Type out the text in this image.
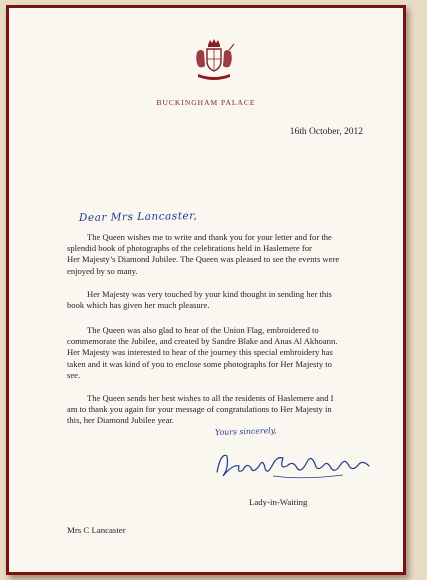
BUCKINGHAM PALACE
16th October, 2012
Dear Mrs Lancaster,
The Queen wishes me to write and thank you for your letter and for the
splendid book of photographs of the celebrations held in Haslemere for
Her Majesty’s Diamond Jubilee. The Queen was pleased to see the events were
enjoyed by so many.
Her Majesty was very touched by your kind thought in sending her this
book which has given her much pleasure.
The Queen was also glad to hear of the Union Flag, embroidered to
commemorate the Jubilee, and created by Sandre Blake and Anas Al Akhoann.
Her Majesty was interested to hear of the journey this special embroidery has
taken and it was kind of you to enclose some photographs for Her Majesty to
see.
The Queen sends her best wishes to all the residents of Haslemere and I
am to thank you again for your message of congratulations to Her Majesty in
this, her Diamond Jubilee year.
Yours sincerely,
Lady-in-Waiting
Mrs C Lancaster
